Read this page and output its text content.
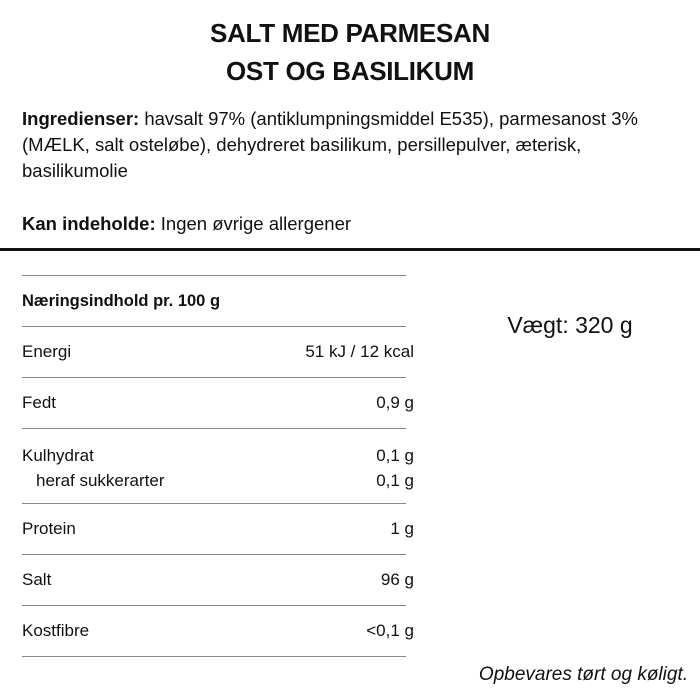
SALT MED PARMESAN
OST OG BASILIKUM
Ingredienser: havsalt 97% (antiklumpningsmiddel E535), parmesanost 3% (MÆLK, salt osteløbe), dehydreret basilikum, persillepulver, æterisk, basilikumolie
Kan indeholde: Ingen øvrige allergener
Næringsindhold pr. 100 g
Energi	51 kJ / 12 kcal
Fedt	0,9 g
Kulhydrat	0,1 g
heraf sukkerarter	0,1 g
Protein	1 g
Salt	96 g
Kostfibre	<0,1 g
Vægt: 320 g
Opbevares tørt og køligt.
